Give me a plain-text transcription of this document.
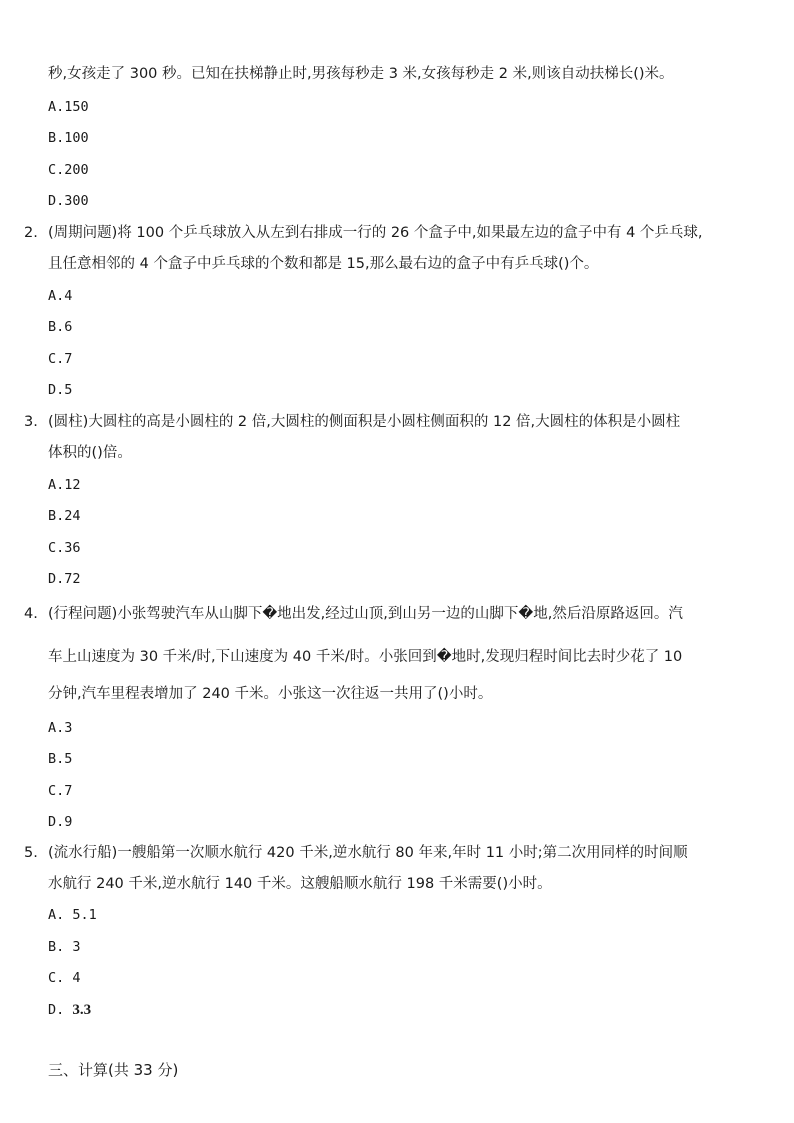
秒,女孩走了 300 秒。已知在扶梯静止时,男孩每秒走 3 米,女孩每秒走 2 米,则该自动扶梯长()米。
A.150
B.100
C.200
D.300
2. (周期问题)将 100 个乒乓球放入从左到右排成一行的 26 个盒子中,如果最左边的盒子中有 4 个乒乓球,
且任意相邻的 4 个盒子中乒乓球的个数和都是 15,那么最右边的盒子中有乒乓球()个。
A.4
B.6
C.7
D.5
3. (圆柱)大圆柱的高是小圆柱的 2 倍,大圆柱的侧面积是小圆柱侧面积的 12 倍,大圆柱的体积是小圆柱
体积的()倍。
A.12
B.24
C.36
D.72
4. (行程问题)小张驾驶汽车从山脚下�地出发,经过山顶,到山另一边的山脚下�地,然后沿原路返回。汽
车上山速度为 30 千米/时,下山速度为 40 千米/时。小张回到�地时,发现归程时间比去时少花了 10
分钟,汽车里程表增加了 240 千米。小张这一次往返一共用了()小时。
A.3
B.5
C.7
D.9
5. (流水行船)一艘船第一次顺水航行 420 千米,逆水航行 80 年来,年时 11 小时;第二次用同样的时间顺
水航行 240 千米,逆水航行 140 千米。这艘船顺水航行 198 千米需要()小时。
A. 5.1
B. 3
C. 4
D. 3.3
三、计算(共 33 分)
